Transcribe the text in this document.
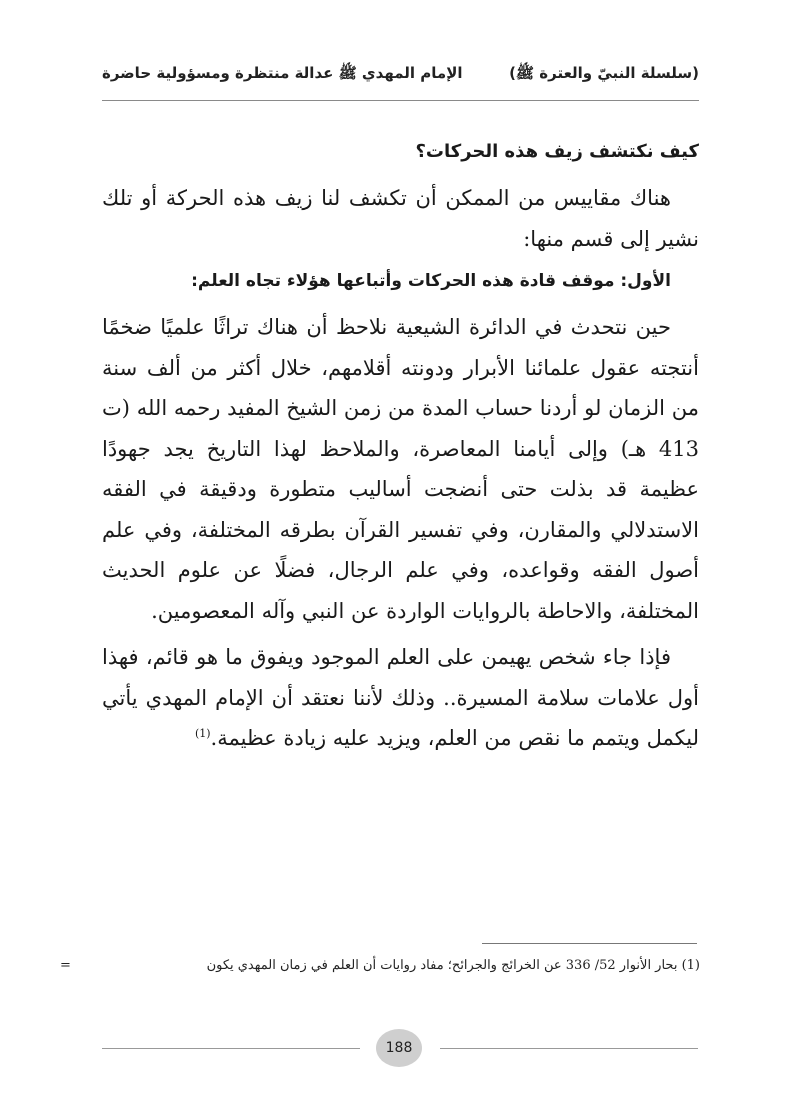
(سلسلة النبيّ والعترة ﷺ)
الإمام المهدي ﷺ عدالة منتظرة ومسؤولية حاضرة
كيف نكتشف زيف هذه الحركات؟

هناك مقاييس من الممكن أن تكشف لنا زيف هذه الحركة أو تلك نشير إلى قسم منها:

الأول: موقف قادة هذه الحركات وأتباعها هؤلاء تجاه العلم:

حين نتحدث في الدائرة الشيعية نلاحظ أن هناك تراثًا علميًا ضخمًا أنتجته عقول علمائنا الأبرار ودونته أقلامهم، خلال أكثر من ألف سنة من الزمان لو أردنا حساب المدة من زمن الشيخ المفيد رحمه الله (ت 413 هـ) وإلى أيامنا المعاصرة، والملاحظ لهذا التاريخ يجد جهودًا عظيمة قد بذلت حتى أنضجت أساليب متطورة ودقيقة في الفقه الاستدلالي والمقارن، وفي تفسير القرآن بطرقه المختلفة، وفي علم أصول الفقه وقواعده، وفي علم الرجال، فضلًا عن علوم الحديث المختلفة، والاحاطة بالروايات الواردة عن النبي وآله المعصومين.

فإذا جاء شخص يهيمن على العلم الموجود ويفوق ما هو قائم، فهذا أول علامات سلامة المسيرة.. وذلك لأننا نعتقد أن الإمام المهدي يأتي ليكمل ويتمم ما نقص من العلم، ويزيد عليه زيادة عظيمة.$^{(1)}$

(1) بحار الأنوار 52/ 336 عن الخرائج والجرائح؛ مفاد روايات أن العلم في زمان المهدي يكون
=
188
